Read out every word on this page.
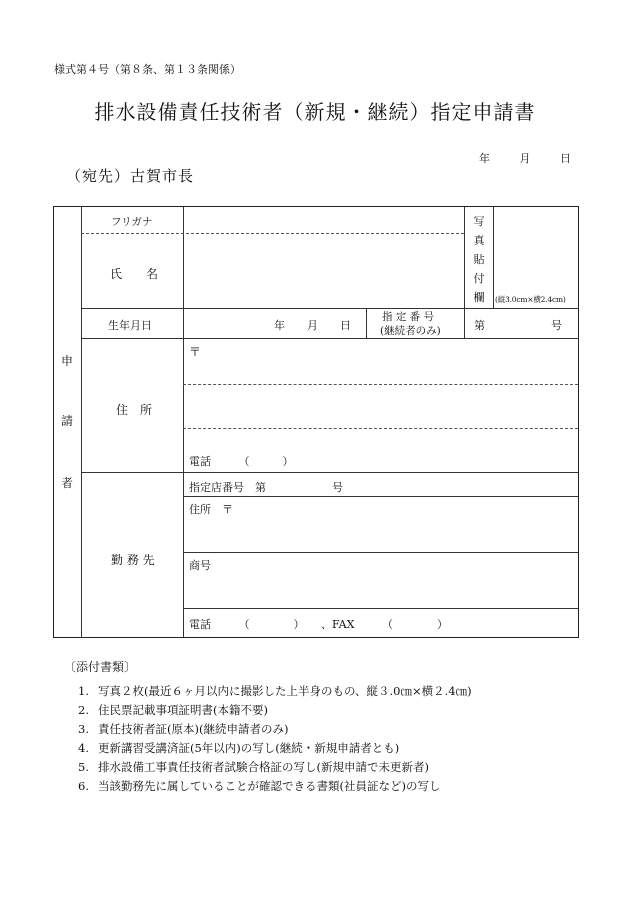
様式第４号（第８条、第１３条関係）
排水設備責任技術者（新規・継続）指定申請書
年 月 日
（宛先）古賀市長
申
請
者
フリガナ
氏　　名
写
真
貼
付
欄 (縦3.0cm×横2.4cm)
生年月日	年　　月　　日
指 定 番 号
(継続者のみ)	第　　　　　　号
住　所
〒
電話　　　（　　　）
勤 務 先
指定店番号　第　　　　　　号
住所　〒
商号
電話　　　（　　　　）　　、FAX　　　（　　　　）
〔添付書類〕
1. 写真２枚(最近６ヶ月以内に撮影した上半身のもの、縦３.0㎝×横２.4㎝)
2. 住民票記載事項証明書(本籍不要)
3. 責任技術者証(原本)(継続申請者のみ)
4. 更新講習受講済証(5年以内)の写し(継続・新規申請者とも)
5. 排水設備工事責任技術者試験合格証の写し(新規申請で未更新者)
6. 当該勤務先に属していることが確認できる書類(社員証など)の写し
